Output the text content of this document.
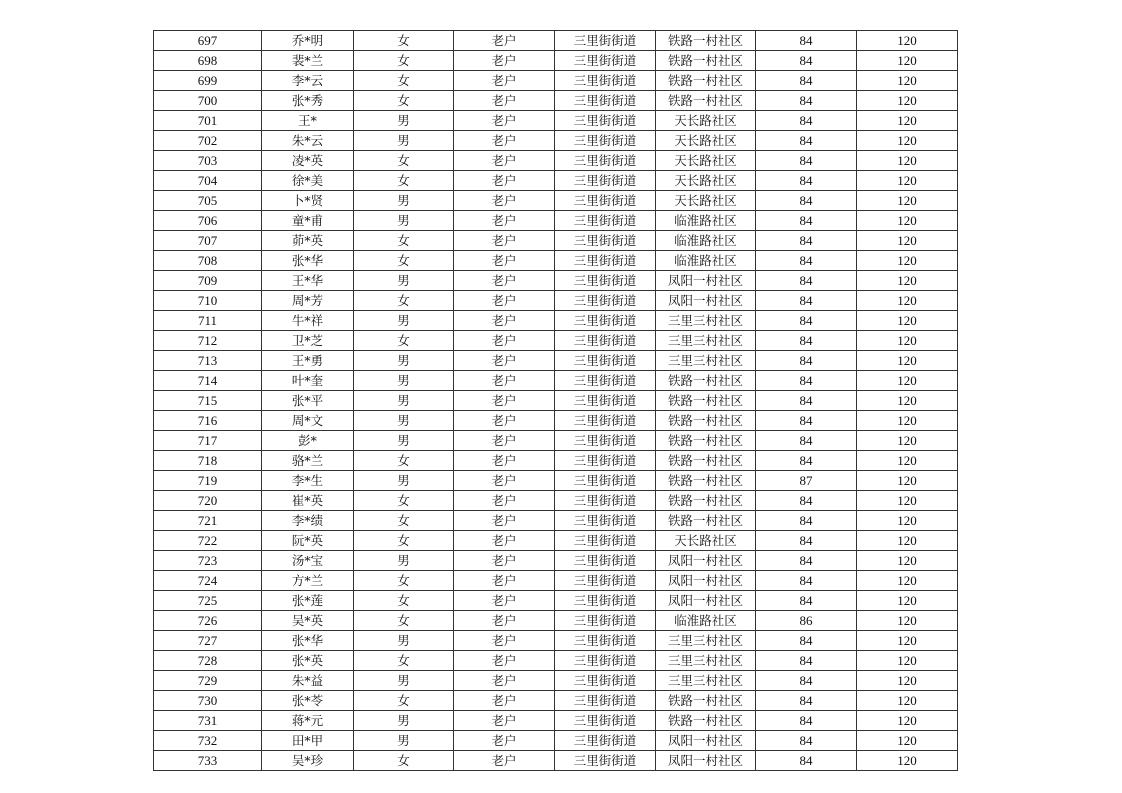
697	乔*明	女	老户	三里街街道	铁路一村社区	84	120
698	裴*兰	女	老户	三里街街道	铁路一村社区	84	120
699	李*云	女	老户	三里街街道	铁路一村社区	84	120
700	张*秀	女	老户	三里街街道	铁路一村社区	84	120
701	王*	男	老户	三里街街道	天长路社区	84	120
702	朱*云	男	老户	三里街街道	天长路社区	84	120
703	凌*英	女	老户	三里街街道	天长路社区	84	120
704	徐*美	女	老户	三里街街道	天长路社区	84	120
705	卜*贤	男	老户	三里街街道	天长路社区	84	120
706	童*甫	男	老户	三里街街道	临淮路社区	84	120
707	茆*英	女	老户	三里街街道	临淮路社区	84	120
708	张*华	女	老户	三里街街道	临淮路社区	84	120
709	王*华	男	老户	三里街街道	凤阳一村社区	84	120
710	周*芳	女	老户	三里街街道	凤阳一村社区	84	120
711	牛*祥	男	老户	三里街街道	三里三村社区	84	120
712	卫*芝	女	老户	三里街街道	三里三村社区	84	120
713	王*勇	男	老户	三里街街道	三里三村社区	84	120
714	叶*奎	男	老户	三里街街道	铁路一村社区	84	120
715	张*平	男	老户	三里街街道	铁路一村社区	84	120
716	周*文	男	老户	三里街街道	铁路一村社区	84	120
717	彭*	男	老户	三里街街道	铁路一村社区	84	120
718	骆*兰	女	老户	三里街街道	铁路一村社区	84	120
719	李*生	男	老户	三里街街道	铁路一村社区	87	120
720	崔*英	女	老户	三里街街道	铁路一村社区	84	120
721	李*绩	女	老户	三里街街道	铁路一村社区	84	120
722	阮*英	女	老户	三里街街道	天长路社区	84	120
723	汤*宝	男	老户	三里街街道	凤阳一村社区	84	120
724	方*兰	女	老户	三里街街道	凤阳一村社区	84	120
725	张*莲	女	老户	三里街街道	凤阳一村社区	84	120
726	吴*英	女	老户	三里街街道	临淮路社区	86	120
727	张*华	男	老户	三里街街道	三里三村社区	84	120
728	张*英	女	老户	三里街街道	三里三村社区	84	120
729	朱*益	男	老户	三里街街道	三里三村社区	84	120
730	张*苓	女	老户	三里街街道	铁路一村社区	84	120
731	蒋*元	男	老户	三里街街道	铁路一村社区	84	120
732	田*甲	男	老户	三里街街道	凤阳一村社区	84	120
733	吴*珍	女	老户	三里街街道	凤阳一村社区	84	120
